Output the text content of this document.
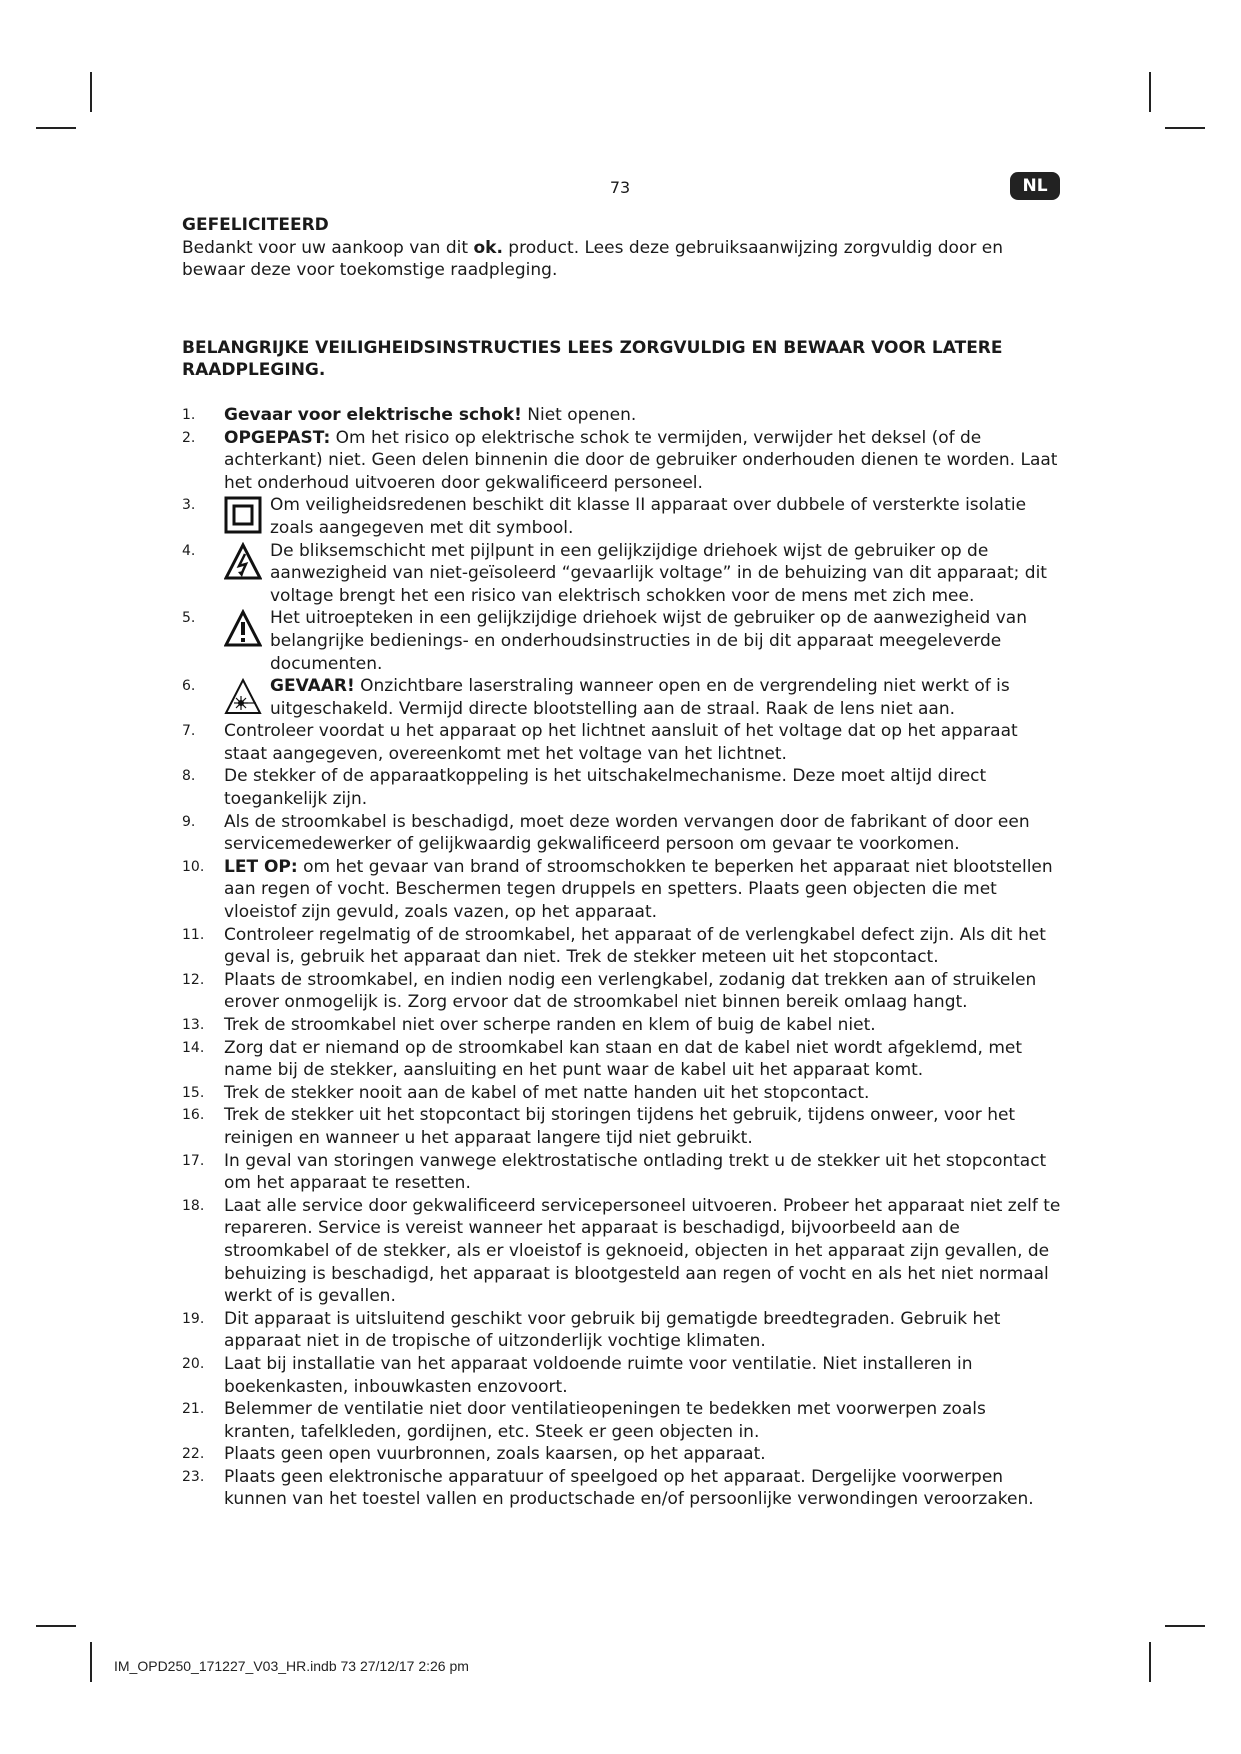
73	NL

GEFELICITEERD

Bedankt voor uw aankoop van dit ok. product. Lees deze gebruiksaanwijzing zorgvuldig door en bewaar deze voor toekomstige raadpleging.

BELANGRIJKE VEILIGHEIDSINSTRUCTIES LEES ZORGVULDIG EN BEWAAR VOOR LATERE RAADPLEGING.

1. Gevaar voor elektrische schok! Niet openen.
2. OPGEPAST: Om het risico op elektrische schok te vermijden, verwijder het deksel (of de achterkant) niet. Geen delen binnenin die door de gebruiker onderhouden dienen te worden. Laat het onderhoud uitvoeren door gekwalificeerd personeel.
3.	Om veiligheidsredenen beschikt dit klasse II apparaat over dubbele of versterkte isolatie zoals aangegeven met dit symbool.
4.	De bliksemschicht met pijlpunt in een gelijkzijdige driehoek wijst de gebruiker op de aanwezigheid van niet-geïsoleerd “gevaarlijk voltage” in de behuizing van dit apparaat; dit voltage brengt het een risico van elektrisch schokken voor de mens met zich mee.
5.	Het uitroepteken in een gelijkzijdige driehoek wijst de gebruiker op de aanwezigheid van belangrijke bedienings- en onderhoudsinstructies in de bij dit apparaat meegeleverde documenten.
6.	GEVAAR! Onzichtbare laserstraling wanneer open en de vergrendeling niet werkt of is uitgeschakeld. Vermijd directe blootstelling aan de straal. Raak de lens niet aan.
7. Controleer voordat u het apparaat op het lichtnet aansluit of het voltage dat op het apparaat staat aangegeven, overeenkomt met het voltage van het lichtnet.
8. De stekker of de apparaatkoppeling is het uitschakelmechanisme. Deze moet altijd direct toegankelijk zijn.
9. Als de stroomkabel is beschadigd, moet deze worden vervangen door de fabrikant of door een servicemedewerker of gelijkwaardig gekwalificeerd persoon om gevaar te voorkomen.
10. LET OP: om het gevaar van brand of stroomschokken te beperken het apparaat niet blootstellen aan regen of vocht. Beschermen tegen druppels en spetters. Plaats geen objecten die met vloeistof zijn gevuld, zoals vazen, op het apparaat.
11. Controleer regelmatig of de stroomkabel, het apparaat of de verlengkabel defect zijn. Als dit het geval is, gebruik het apparaat dan niet. Trek de stekker meteen uit het stopcontact.
12. Plaats de stroomkabel, en indien nodig een verlengkabel, zodanig dat trekken aan of struikelen erover onmogelijk is. Zorg ervoor dat de stroomkabel niet binnen bereik omlaag hangt.
13. Trek de stroomkabel niet over scherpe randen en klem of buig de kabel niet.
14. Zorg dat er niemand op de stroomkabel kan staan en dat de kabel niet wordt afgeklemd, met name bij de stekker, aansluiting en het punt waar de kabel uit het apparaat komt.
15. Trek de stekker nooit aan de kabel of met natte handen uit het stopcontact.
16. Trek de stekker uit het stopcontact bij storingen tijdens het gebruik, tijdens onweer, voor het reinigen en wanneer u het apparaat langere tijd niet gebruikt.
17. In geval van storingen vanwege elektrostatische ontlading trekt u de stekker uit het stopcontact om het apparaat te resetten.
18. Laat alle service door gekwalificeerd servicepersoneel uitvoeren. Probeer het apparaat niet zelf te repareren. Service is vereist wanneer het apparaat is beschadigd, bijvoorbeeld aan de stroomkabel of de stekker, als er vloeistof is geknoeid, objecten in het apparaat zijn gevallen, de behuizing is beschadigd, het apparaat is blootgesteld aan regen of vocht en als het niet normaal werkt of is gevallen.
19. Dit apparaat is uitsluitend geschikt voor gebruik bij gematigde breedtegraden. Gebruik het apparaat niet in de tropische of uitzonderlijk vochtige klimaten.
20. Laat bij installatie van het apparaat voldoende ruimte voor ventilatie. Niet installeren in boekenkasten, inbouwkasten enzovoort.
21. Belemmer de ventilatie niet door ventilatieopeningen te bedekken met voorwerpen zoals kranten, tafelkleden, gordijnen, etc. Steek er geen objecten in.
22. Plaats geen open vuurbronnen, zoals kaarsen, op het apparaat.
23. Plaats geen elektronische apparatuur of speelgoed op het apparaat. Dergelijke voorwerpen kunnen van het toestel vallen en productschade en/of persoonlijke verwondingen veroorzaken.
IM_OPD250_171227_V03_HR.indb 73 27/12/17 2:26 pm
